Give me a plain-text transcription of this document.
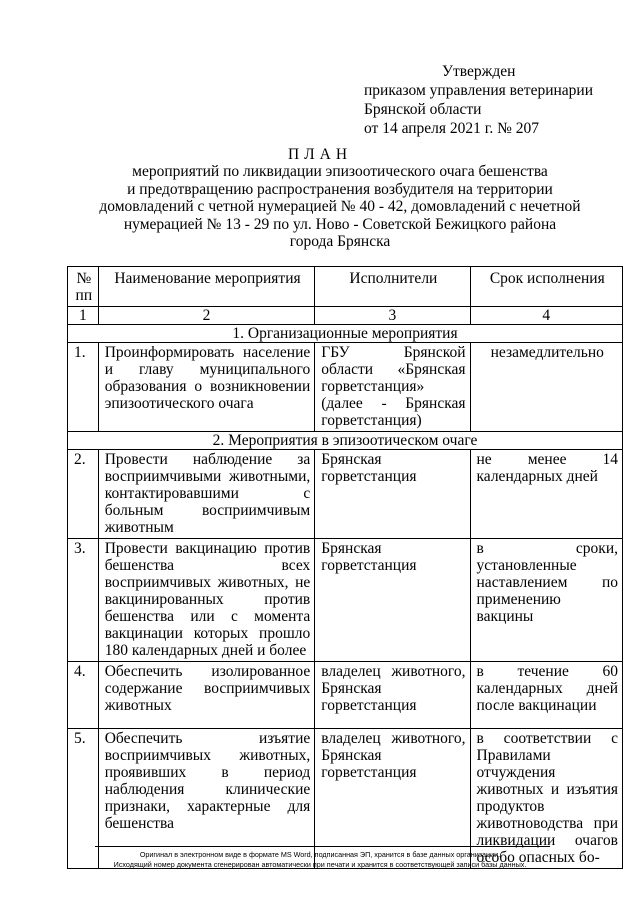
Утвержден
приказом управления ветеринарии
Брянской области
от 14 апреля 2021 г. № 207
ПЛАН
мероприятий по ликвидации эпизоотического очага бешенства
и предотвращению распространения возбудителя на территории
домовладений с четной нумерацией № 40 - 42, домовладений с нечетной
нумерацией № 13 - 29 по ул. Ново - Советской Бежицкого района
города Брянска
№ пп	Наименование мероприятия	Исполнители	Срок исполнения
1	2	3	4
1. Организационные мероприятия			
1.	Проинформировать население и главу муниципального образования о возникновении эпизоотического очага	ГБУ Брянской области «Брянская горветстанция» (далее - Брянская горветстанция)	незамедлительно
2. Мероприятия в эпизоотическом очаге			
2.	Провести наблюдение за восприимчивыми животными, контактировавшими с больным восприимчивым животным	Брянская горветстанция	не менее 14 календарных дней
3.	Провести вакцинацию против бешенства всех восприимчивых животных, не вакцинированных против бешенства или с момента вакцинации которых прошло 180 календарных дней и более	Брянская горветстанция	в сроки, установленные наставлением по применению вакцины
4.	Обеспечить изолированное содержание восприимчивых животных	владелец животного, Брянская горветстанция	в течение 60 календарных дней после вакцинации
5.	Обеспечить изъятие восприимчивых животных, проявивших в период наблюдения клинические признаки, характерные для бешенства	владелец животного, Брянская горветстанция	в соответствии с Правилами отчуждения животных и изъятия продуктов животноводства при ликвидации очагов особо опасных бо-
Оригинал в электронном виде в формате MS Word, подписанная ЭП, хранится в базе данных организации.
Исходящий номер документа сгенерирован автоматически при печати и хранится в соответствующей записи базы данных.
